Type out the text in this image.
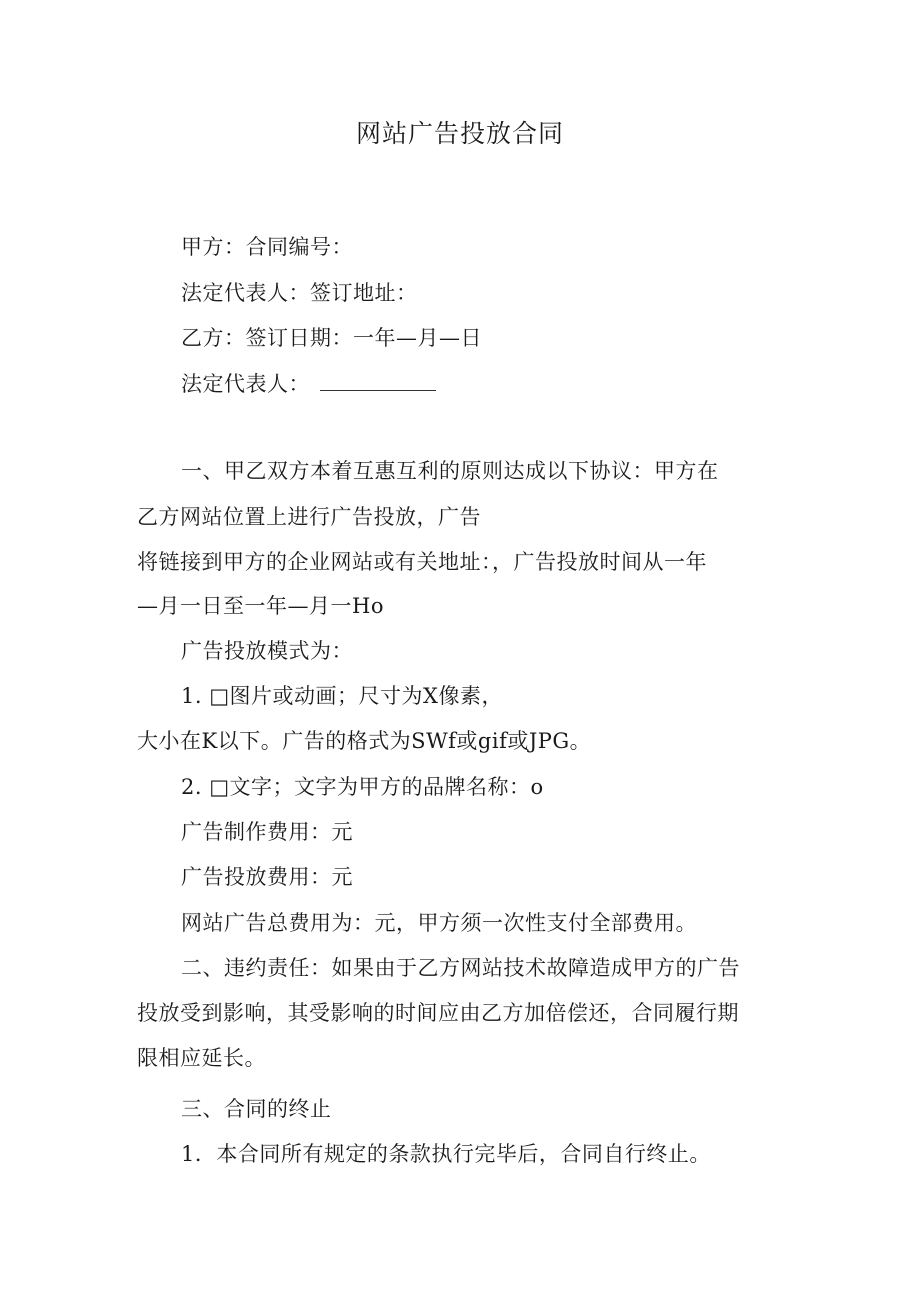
网站广告投放合同
甲方：合同编号：
法定代表人：签订地址：
乙方：签订日期：一年—月—日
法定代表人：
一、甲乙双方本着互惠互利的原则达成以下协议：甲方在
乙方网站位置上进行广告投放，广告
将链接到甲方的企业网站或有关地址：，广告投放时间从一年
—月一日至一年—月一Ho
广告投放模式为：
1. □图片或动画；尺寸为X像素，
大小在K以下。广告的格式为SWf或gif或JPG。
2. □文字；文字为甲方的品牌名称：o
广告制作费用：元
广告投放费用：元
网站广告总费用为：元，甲方须一次性支付全部费用。
二、违约责任：如果由于乙方网站技术故障造成甲方的广告
投放受到影响，其受影响的时间应由乙方加倍偿还，合同履行期
限相应延长。
三、合同的终止
1．本合同所有规定的条款执行完毕后，合同自行终止。
